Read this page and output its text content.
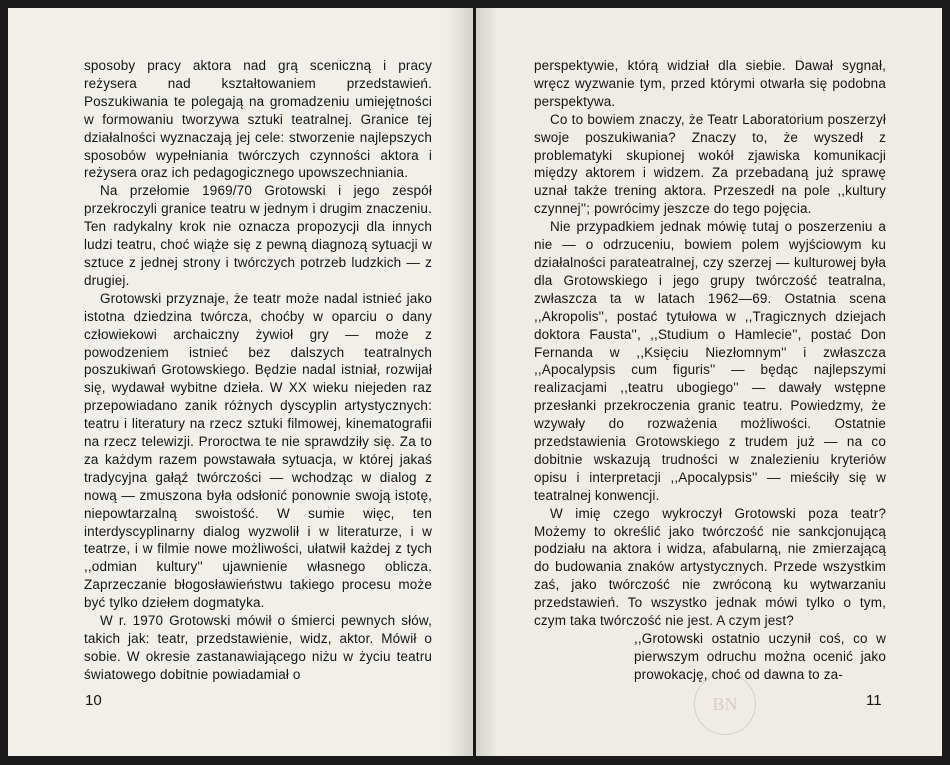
sposoby pracy aktora nad grą sceniczną i pracy reżysera nad kształtowaniem przedstawień. Poszukiwania te polegają na gromadzeniu umiejętności w formowaniu tworzywa sztuki teatralnej. Granice tej działalności wyznaczają jej cele: stworzenie najlepszych sposobów wypełniania twórczych czynności aktora i reżysera oraz ich pedagogicznego upowszechniania.

Na przełomie 1969/70 Grotowski i jego zespół przekroczyli granice teatru w jednym i drugim znaczeniu. Ten radykalny krok nie oznacza propozycji dla innych ludzi teatru, choć wiąże się z pewną diagnozą sytuacji w sztuce z jednej strony i twórczych potrzeb ludzkich — z drugiej.

Grotowski przyznaje, że teatr może nadal istnieć jako istotna dziedzina twórcza, choćby w oparciu o dany człowiekowi archaiczny żywioł gry — może z powodzeniem istnieć bez dalszych teatralnych poszukiwań Grotowskiego. Będzie nadal istniał, rozwijał się, wydawał wybitne dzieła. W XX wieku niejeden raz przepowiadano zanik różnych dyscyplin artystycznych: teatru i literatury na rzecz sztuki filmowej, kinematografii na rzecz telewizji. Proroctwa te nie sprawdziły się. Za to za każdym razem powstawała sytuacja, w której jakaś tradycyjna gałąź twórczości — wchodząc w dialog z nową — zmuszona była odsłonić ponownie swoją istotę, niepowtarzalną swoistość. W sumie więc, ten interdyscyplinarny dialog wyzwolił i w literaturze, i w teatrze, i w filmie nowe możliwości, ułatwił każdej z tych ,,odmian kultury'' ujawnienie własnego oblicza. Zaprzeczanie błogosławieństwu takiego procesu może być tylko dziełem dogmatyka.

W r. 1970 Grotowski mówił o śmierci pewnych słów, takich jak: teatr, przedstawienie, widz, aktor. Mówił o sobie. W okresie zastanawiającego niżu w życiu teatru światowego dobitnie powiadamiał o

10

perspektywie, którą widział dla siebie. Dawał sygnał, wręcz wyzwanie tym, przed którymi otwarła się podobna perspektywa.

Co to bowiem znaczy, że Teatr Laboratorium poszerzył swoje poszukiwania? Znaczy to, że wyszedł z problematyki skupionej wokół zjawiska komunikacji między aktorem i widzem. Za przebadaną już sprawę uznał także trening aktora. Przeszedł na pole ,,kultury czynnej''; powrócimy jeszcze do tego pojęcia.

Nie przypadkiem jednak mówię tutaj o poszerzeniu a nie — o odrzuceniu, bowiem polem wyjściowym ku działalności parateatralnej, czy szerzej — kulturowej była dla Grotowskiego i jego grupy twórczość teatralna, zwłaszcza ta w latach 1962—69. Ostatnia scena ,,Akropolis'', postać tytułowa w ,,Tragicznych dziejach doktora Fausta'', ,,Studium o Hamlecie'', postać Don Fernanda w ,,Księciu Niezłomnym'' i zwłaszcza ,,Apocalypsis cum figuris'' — będąc najlepszymi realizacjami ,,teatru ubogiego'' — dawały wstępne przesłanki przekroczenia granic teatru. Powiedzmy, że wzywały do rozważenia możliwości. Ostatnie przedstawienia Grotowskiego z trudem już — na co dobitnie wskazują trudności w znalezieniu kryteriów opisu i interpretacji ,,Apocalypsis'' — mieściły się w teatralnej konwencji.

W imię czego wykroczył Grotowski poza teatr? Możemy to określić jako twórczość nie sankcjonującą podziału na aktora i widza, afabularną, nie zmierzającą do budowania znaków artystycznych. Przede wszystkim zaś, jako twórczość nie zwróconą ku wytwarzaniu przedstawień. To wszystko jednak mówi tylko o tym, czym taka twórczość nie jest. A czym jest?

,,Grotowski ostatnio uczynił coś, co w pierwszym odruchu można ocenić jako prowokację, choć od dawna to za-

BN	11
